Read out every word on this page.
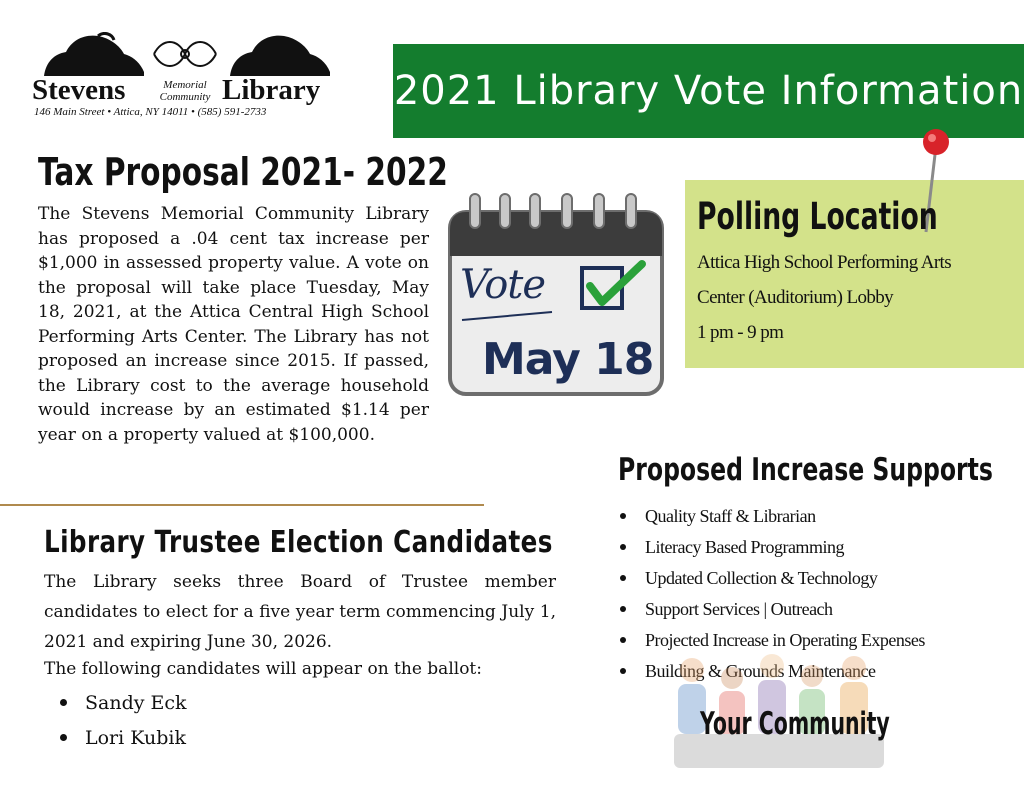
Stevens	Memorial
Community Library
146 Main Street • Attica, NY 14011 • (585) 591-2733	2021 Library Vote Information
Tax Proposal 2021- 2022
The Stevens Memorial Community Library has proposed a .04 cent tax increase per $1,000 in assessed property value. A vote on the proposal will take place Tuesday, May 18, 2021, at the Attica Central High School Performing Arts Center. The Library has not proposed an increase since 2015. If passed, the Library cost to the average household would increase by an estimated $1.14 per year on a property valued at $100,000.
Vote
May 18
Polling Location
Attica High School Performing Arts
Center (Auditorium) Lobby
1 pm - 9 pm
Library Trustee Election Candidates
The Library seeks three Board of Trustee member candidates to elect for a five year term commencing July 1, 2021 and expiring June 30, 2026.
The following candidates will appear on the ballot:
Sandy Eck
Lori Kubik
Proposed Increase Supports
Quality Staff & Librarian
Literacy Based Programming
Updated Collection & Technology
Support Services | Outreach
Projected Increase in Operating Expenses
Building & Grounds Maintenance
Your Community
